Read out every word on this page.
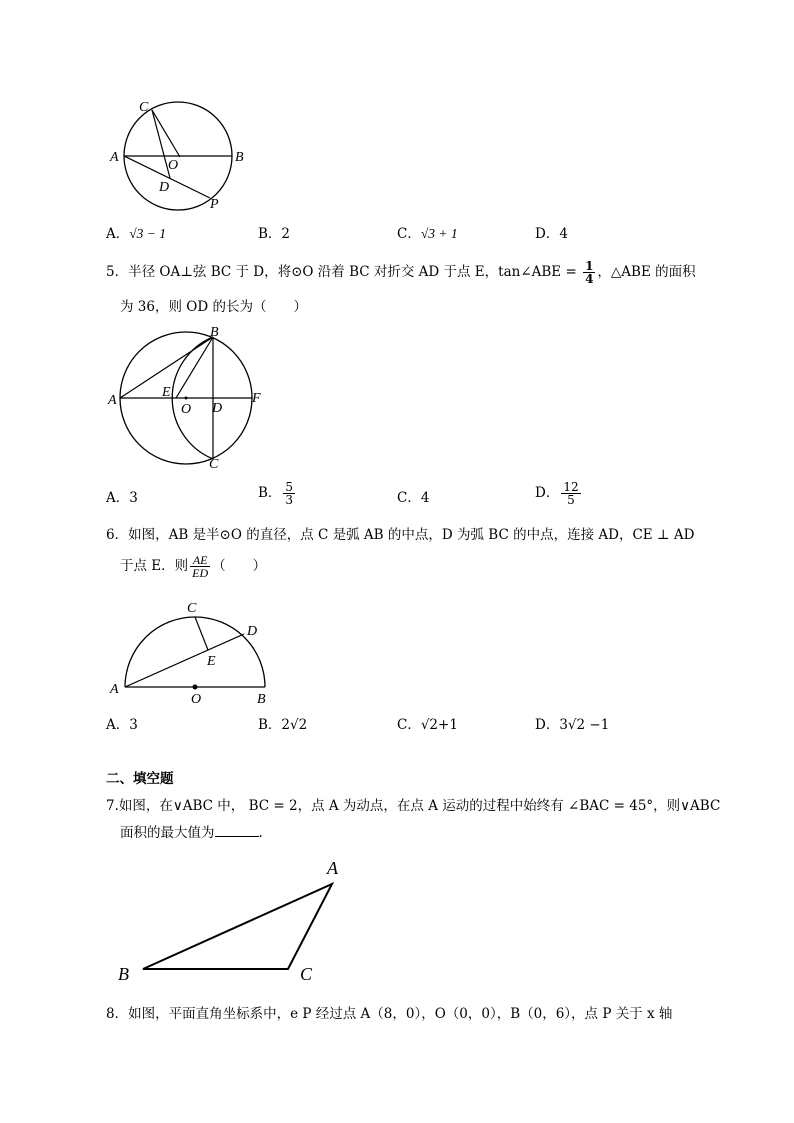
C
A
O
B
D
P
A．√3 − 1	B．2	C．√3 + 1	D．4
5．半径 OA⊥弦 BC 于 D，将⊙O 沿着 BC 对折交 AD 于点 E，tan∠ABE = $\frac{1}{4}$ ，△ABE 的面积
为 36，则 OD 的长为（　　）
B
A
E
O D
F
C
A．3	B． $\frac{5}{3}$	C．4	D． $\frac{12}{5}$
6．如图，AB 是半⊙O 的直径，点 C 是弧 AB 的中点，D 为弧 BC 的中点，连接 AD，CE ⊥ AD
于点 E．则 $\frac{AE}{ED}$ （　　）
C
D
E
A
O	B
A．3	B．2√2	C．√2+1	D．3√2 −1
二、填空题
7.如图，在∨ABC 中， BC = 2，点 A 为动点，在点 A 运动的过程中始终有 ∠BAC = 45°，则∨ABC
面积的最大值为	.
A
B	C
8．如图，平面直角坐标系中，e P 经过点 A（8，0），O（0，0），B（0，6），点 P 关于 x 轴
